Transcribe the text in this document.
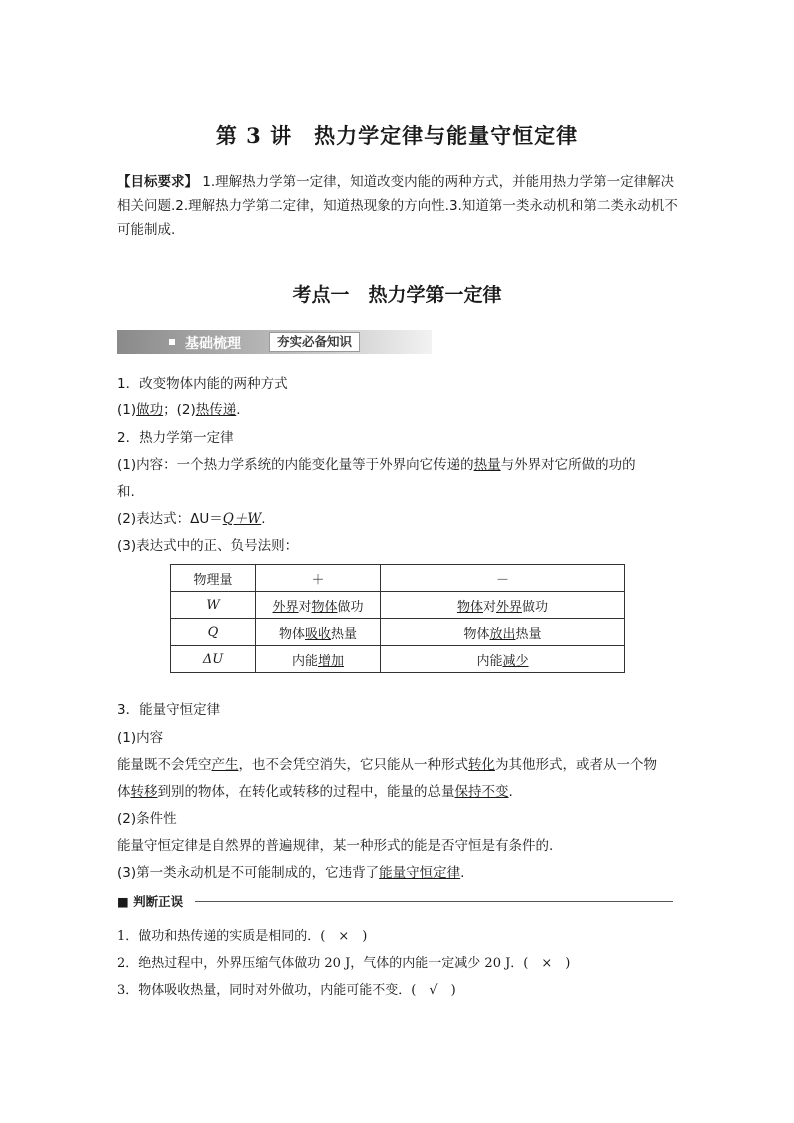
第 3 讲　热力学定律与能量守恒定律
【目标要求】 1.理解热力学第一定律，知道改变内能的两种方式，并能用热力学第一定律解决相关问题.2.理解热力学第二定律，知道热现象的方向性.3.知道第一类永动机和第二类永动机不可能制成.
考点一　热力学第一定律
基础梳理	夯实必备知识
1．改变物体内能的两种方式
(1)做功；(2)热传递.
2．热力学第一定律
(1)内容：一个热力学系统的内能变化量等于外界向它传递的热量与外界对它所做的功的
和.
(2)表达式：ΔU＝Q＋W.
(3)表达式中的正、负号法则：
物理量	＋	－
W	外界对物体做功	物体对外界做功
Q	物体吸收热量	物体放出热量
ΔU	内能增加	内能减少
3．能量守恒定律
(1)内容
能量既不会凭空产生，也不会凭空消失，它只能从一种形式转化为其他形式，或者从一个物
体转移到别的物体，在转化或转移的过程中，能量的总量保持不变.
(2)条件性
能量守恒定律是自然界的普遍规律，某一种形式的能是否守恒是有条件的.
(3)第一类永动机是不可能制成的，它违背了能量守恒定律.
■ 判断正误
1．做功和热传递的实质是相同的．(　×　)
2．绝热过程中，外界压缩气体做功 20 J，气体的内能一定减少 20 J．(　×　)
3．物体吸收热量，同时对外做功，内能可能不变．(　√　)
